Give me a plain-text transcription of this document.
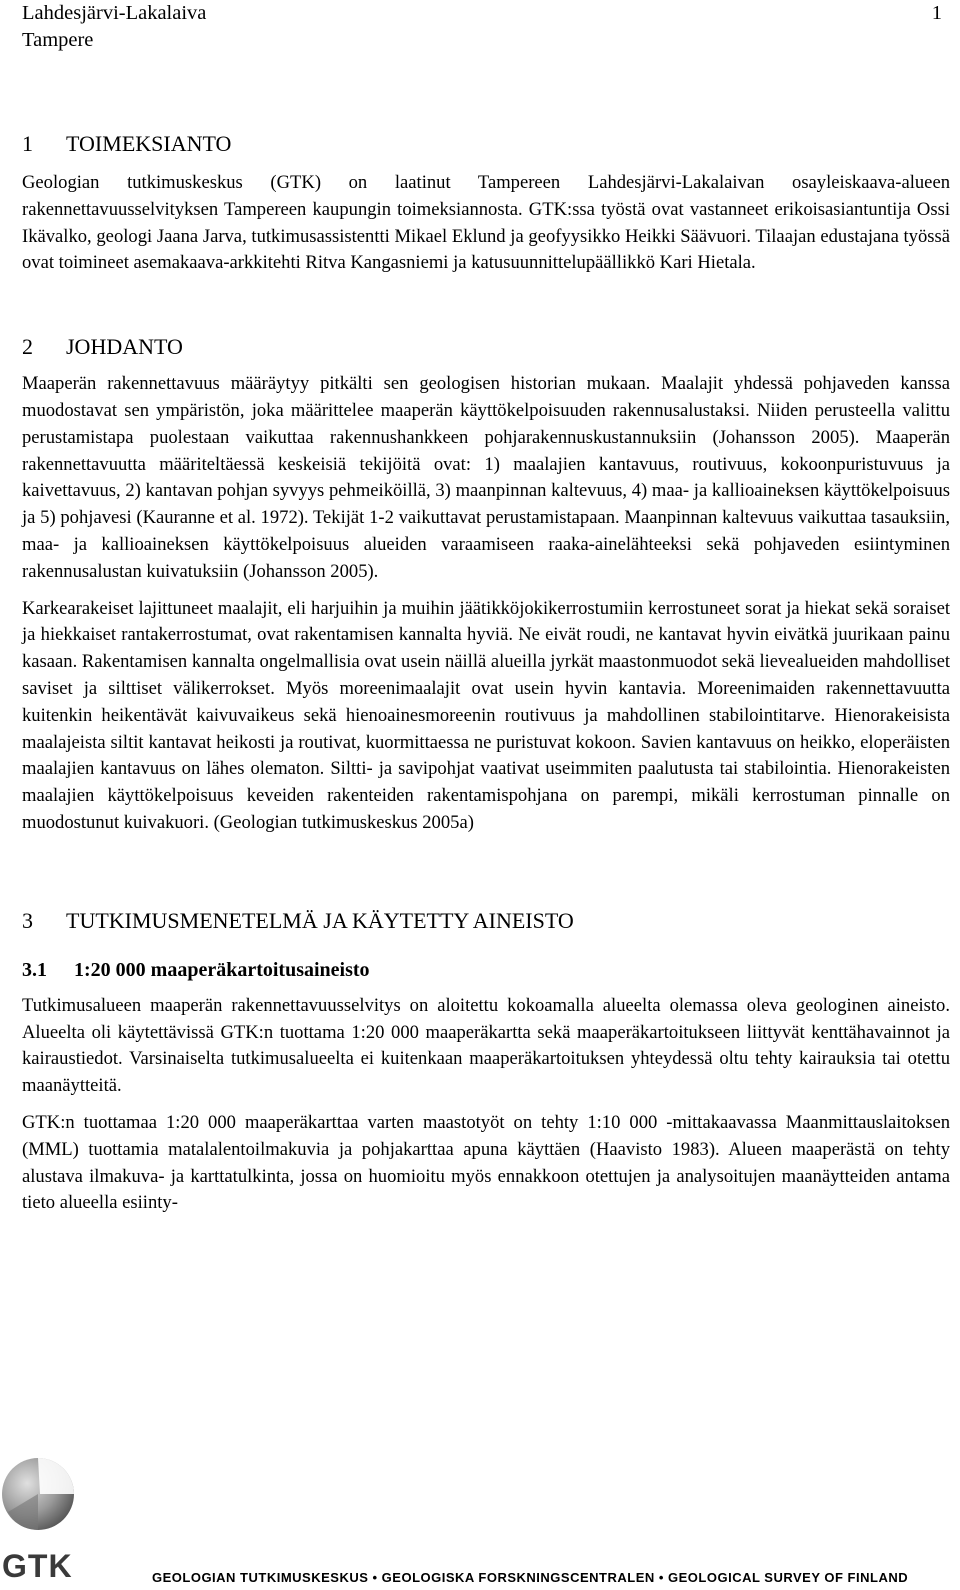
Lahdesjärvi-Lakalaiva
Tampere
1
1 TOIMEKSIANTO

Geologian tutkimuskeskus (GTK) on laatinut Tampereen Lahdesjärvi-Lakalaivan osayleiskaava-alueen rakennettavuusselvityksen Tampereen kaupungin toimeksiannosta. GTK:ssa työstä ovat vastanneet erikoisasiantuntija Ossi Ikävalko, geologi Jaana Jarva, tutkimusassistentti Mikael Eklund ja geofyysikko Heikki Säävuori. Tilaajan edustajana työssä ovat toimineet asemakaava-arkkitehti Ritva Kangasniemi ja katusuunnittelupäällikkö Kari Hietala.

2 JOHDANTO

Maaperän rakennettavuus määräytyy pitkälti sen geologisen historian mukaan. Maalajit yhdessä pohjaveden kanssa muodostavat sen ympäristön, joka määrittelee maaperän käyttökelpoisuuden rakennusalustaksi. Niiden perusteella valittu perustamistapa puolestaan vaikuttaa rakennushankkeen pohjarakennuskustannuksiin (Johansson 2005). Maaperän rakennettavuutta määriteltäessä keskeisiä tekijöitä ovat: 1) maalajien kantavuus, routivuus, kokoonpuristuvuus ja kaivettavuus, 2) kantavan pohjan syvyys pehmeiköillä, 3) maanpinnan kaltevuus, 4) maa- ja kallioaineksen käyttökelpoisuus ja 5) pohjavesi (Kauranne et al. 1972). Tekijät 1-2 vaikuttavat perustamistapaan. Maanpinnan kaltevuus vaikuttaa tasauksiin, maa- ja kallioaineksen käyttökelpoisuus alueiden varaamiseen raaka-ainelähteeksi sekä pohjaveden esiintyminen rakennusalustan kuivatuksiin (Johansson 2005).

Karkearakeiset lajittuneet maalajit, eli harjuihin ja muihin jäätikköjokikerrostumiin kerrostuneet sorat ja hiekat sekä soraiset ja hiekkaiset rantakerrostumat, ovat rakentamisen kannalta hyviä. Ne eivät roudi, ne kantavat hyvin eivätkä juurikaan painu kasaan. Rakentamisen kannalta ongelmallisia ovat usein näillä alueilla jyrkät maastonmuodot sekä lievealueiden mahdolliset saviset ja silttiset välikerrokset. Myös moreenimaalajit ovat usein hyvin kantavia. Moreenimaiden rakennettavuutta kuitenkin heikentävät kaivuvaikeus sekä hienoainesmoreenin routivuus ja mahdollinen stabilointitarve. Hienorakeisista maalajeista siltit kantavat heikosti ja routivat, kuormittaessa ne puristuvat kokoon. Savien kantavuus on heikko, eloperäisten maalajien kantavuus on lähes olematon. Siltti- ja savipohjat vaativat useimmiten paalutusta tai stabilointia. Hienorakeisten maalajien käyttökelpoisuus keveiden rakenteiden rakentamispohjana on parempi, mikäli kerrostuman pinnalle on muodostunut kuivakuori. (Geologian tutkimuskeskus 2005a)

3 TUTKIMUSMENETELMÄ JA KÄYTETTY AINEISTO
3.1 1:20 000 maaperäkartoitusaineisto

Tutkimusalueen maaperän rakennettavuusselvitys on aloitettu kokoamalla alueelta olemassa oleva geologinen aineisto. Alueelta oli käytettävissä GTK:n tuottama 1:20 000 maaperäkartta sekä maaperäkartoitukseen liittyvät kenttähavainnot ja kairaustiedot. Varsinaiselta tutkimusalueelta ei kuitenkaan maaperäkartoituksen yhteydessä oltu tehty kairauksia tai otettu maanäytteitä.

GTK:n tuottamaa 1:20 000 maaperäkarttaa varten maastotyöt on tehty 1:10 000 -mittakaavassa Maanmittauslaitoksen (MML) tuottamia matalalentoilmakuvia ja pohjakarttaa apuna käyttäen (Haavisto 1983). Alueen maaperästä on tehty alustava ilmakuva- ja karttatulkinta, jossa on huomioitu myös ennakkoon otettujen ja analysoitujen maanäytteiden antama tieto alueella esiinty-

GTK	GEOLOGIAN TUTKIMUSKESKUS • GEOLOGISKA FORSKNINGSCENTRALEN • GEOLOGICAL SURVEY OF FINLAND
